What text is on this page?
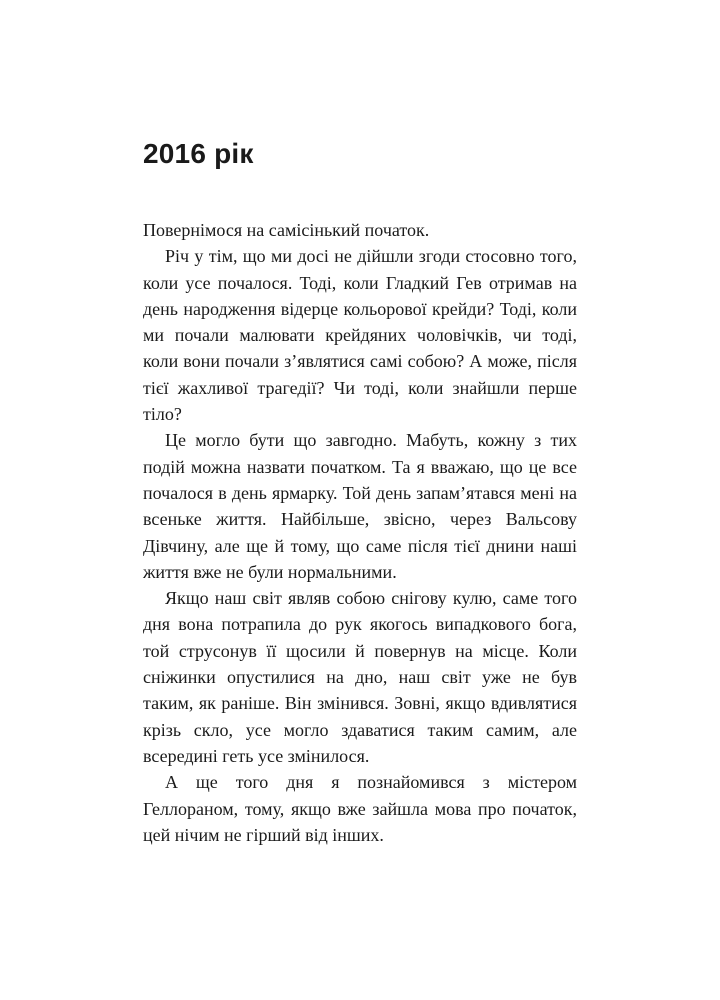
2016 рік

Повернімося на самісінький початок.

Річ у тім, що ми досі не дійшли згоди стосовно того, коли усе почалося. Тоді, коли Гладкий Гев отримав на день народження відерце кольорової крейди? Тоді, коли ми почали малювати крейдяних чоловічків, чи тоді, коли вони почали з’являтися самі собою? А може, після тієї жахливої трагедії? Чи тоді, коли знайшли перше тіло?

Це могло бути що завгодно. Мабуть, кожну з тих подій можна назвати початком. Та я вважаю, що це все почалося в день ярмарку. Той день запам’ятався мені на всеньке життя. Найбільше, звісно, через Вальсову Дівчину, але ще й тому, що саме після тієї днини наші життя вже не були нормальними.

Якщо наш світ являв собою снігову кулю, саме того дня вона потрапила до рук якогось випадкового бога, той струсонув її щосили й повернув на місце. Коли сніжинки опустилися на дно, наш світ уже не був таким, як раніше. Він змінився. Зовні, якщо вдивлятися крізь скло, усе могло здаватися таким самим, але всередині геть усе змінилося.

А ще того дня я познайомився з містером Геллораном, тому, якщо вже зайшла мова про початок, цей нічим не гірший від інших.
